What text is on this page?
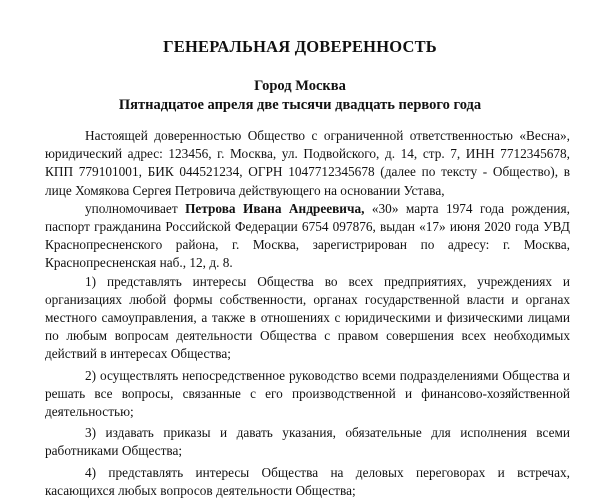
ГЕНЕРАЛЬНАЯ ДОВЕРЕННОСТЬ

Город Москва

Пятнадцатое апреля две тысячи двадцать первого года

Настоящей доверенностью Общество с ограниченной ответственностью «Весна», юридический адрес: 123456, г. Москва, ул. Подвойского, д. 14, стр. 7, ИНН 7712345678, КПП 779101001, БИК 044521234, ОГРН 1047712345678 (далее по тексту - Общество), в лице Хомякова Сергея Петровича действующего на основании Устава,

уполномочивает Петрова Ивана Андреевича, «30» марта 1974 года рождения, паспорт гражданина Российской Федерации 6754 097876, выдан «17» июня 2020 года УВД Краснопресненского района, г. Москва, зарегистрирован по адресу: г. Москва, Краснопресненская наб., 12, д. 8.

1) представлять интересы Общества во всех предприятиях, учреждениях и организациях любой формы собственности, органах государственной власти и органах местного самоуправления, а также в отношениях с юридическими и физическими лицами по любым вопросам деятельности Общества с правом совершения всех необходимых действий в интересах Общества;

2) осуществлять непосредственное руководство всеми подразделениями Общества и решать все вопросы, связанные с его производственной и финансово-хозяйственной деятельностью;

3) издавать приказы и давать указания, обязательные для исполнения всеми работниками Общества;

4) представлять интересы Общества на деловых переговорах и встречах, касающихся любых вопросов деятельности Общества;
